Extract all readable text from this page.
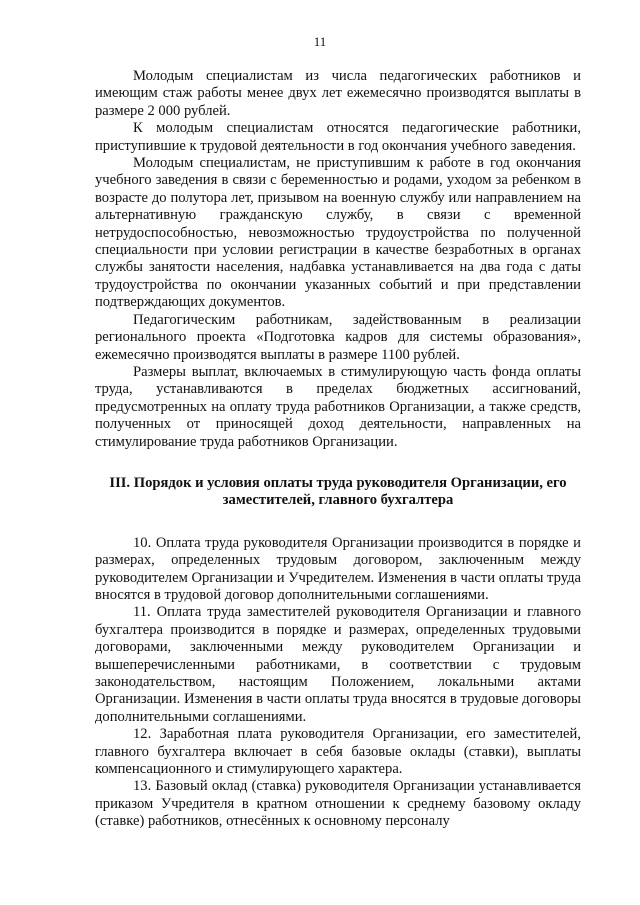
11

Молодым специалистам из числа педагогических работников и имеющим стаж работы менее двух лет ежемесячно производятся выплаты в размере 2 000 рублей.

К молодым специалистам относятся педагогические работники, приступившие к трудовой деятельности в год окончания учебного заведения.

Молодым специалистам, не приступившим к работе в год окончания учебного заведения в связи с беременностью и родами, уходом за ребенком в возрасте до полутора лет, призывом на военную службу или направлением на альтернативную гражданскую службу, в связи с временной нетрудоспособностью, невозможностью трудоустройства по полученной специальности при условии регистрации в качестве безработных в органах службы занятости населения, надбавка устанавливается на два года с даты трудоустройства по окончании указанных событий и при представлении подтверждающих документов.

Педагогическим работникам, задействованным в реализации регионального проекта «Подготовка кадров для системы образования», ежемесячно производятся выплаты в размере 1100 рублей.

Размеры выплат, включаемых в стимулирующую часть фонда оплаты труда, устанавливаются в пределах бюджетных ассигнований, предусмотренных на оплату труда работников Организации, а также средств, полученных от приносящей доход деятельности, направленных на стимулирование труда работников Организации.

III. Порядок и условия оплаты труда руководителя Организации, его заместителей, главного бухгалтера

10. Оплата труда руководителя Организации производится в порядке и размерах, определенных трудовым договором, заключенным между руководителем Организации и Учредителем. Изменения в части оплаты труда вносятся в трудовой договор дополнительными соглашениями.

11. Оплата труда заместителей руководителя Организации и главного бухгалтера производится в порядке и размерах, определенных трудовыми договорами, заключенными между руководителем Организации и вышеперечисленными работниками, в соответствии с трудовым законодательством, настоящим Положением, локальными актами Организации. Изменения в части оплаты труда вносятся в трудовые договоры дополнительными соглашениями.

12. Заработная плата руководителя Организации, его заместителей, главного бухгалтера включает в себя базовые оклады (ставки), выплаты компенсационного и стимулирующего характера.

13. Базовый оклад (ставка) руководителя Организации устанавливается приказом Учредителя в кратном отношении к среднему базовому окладу (ставке) работников, отнесённых к основному персоналу
